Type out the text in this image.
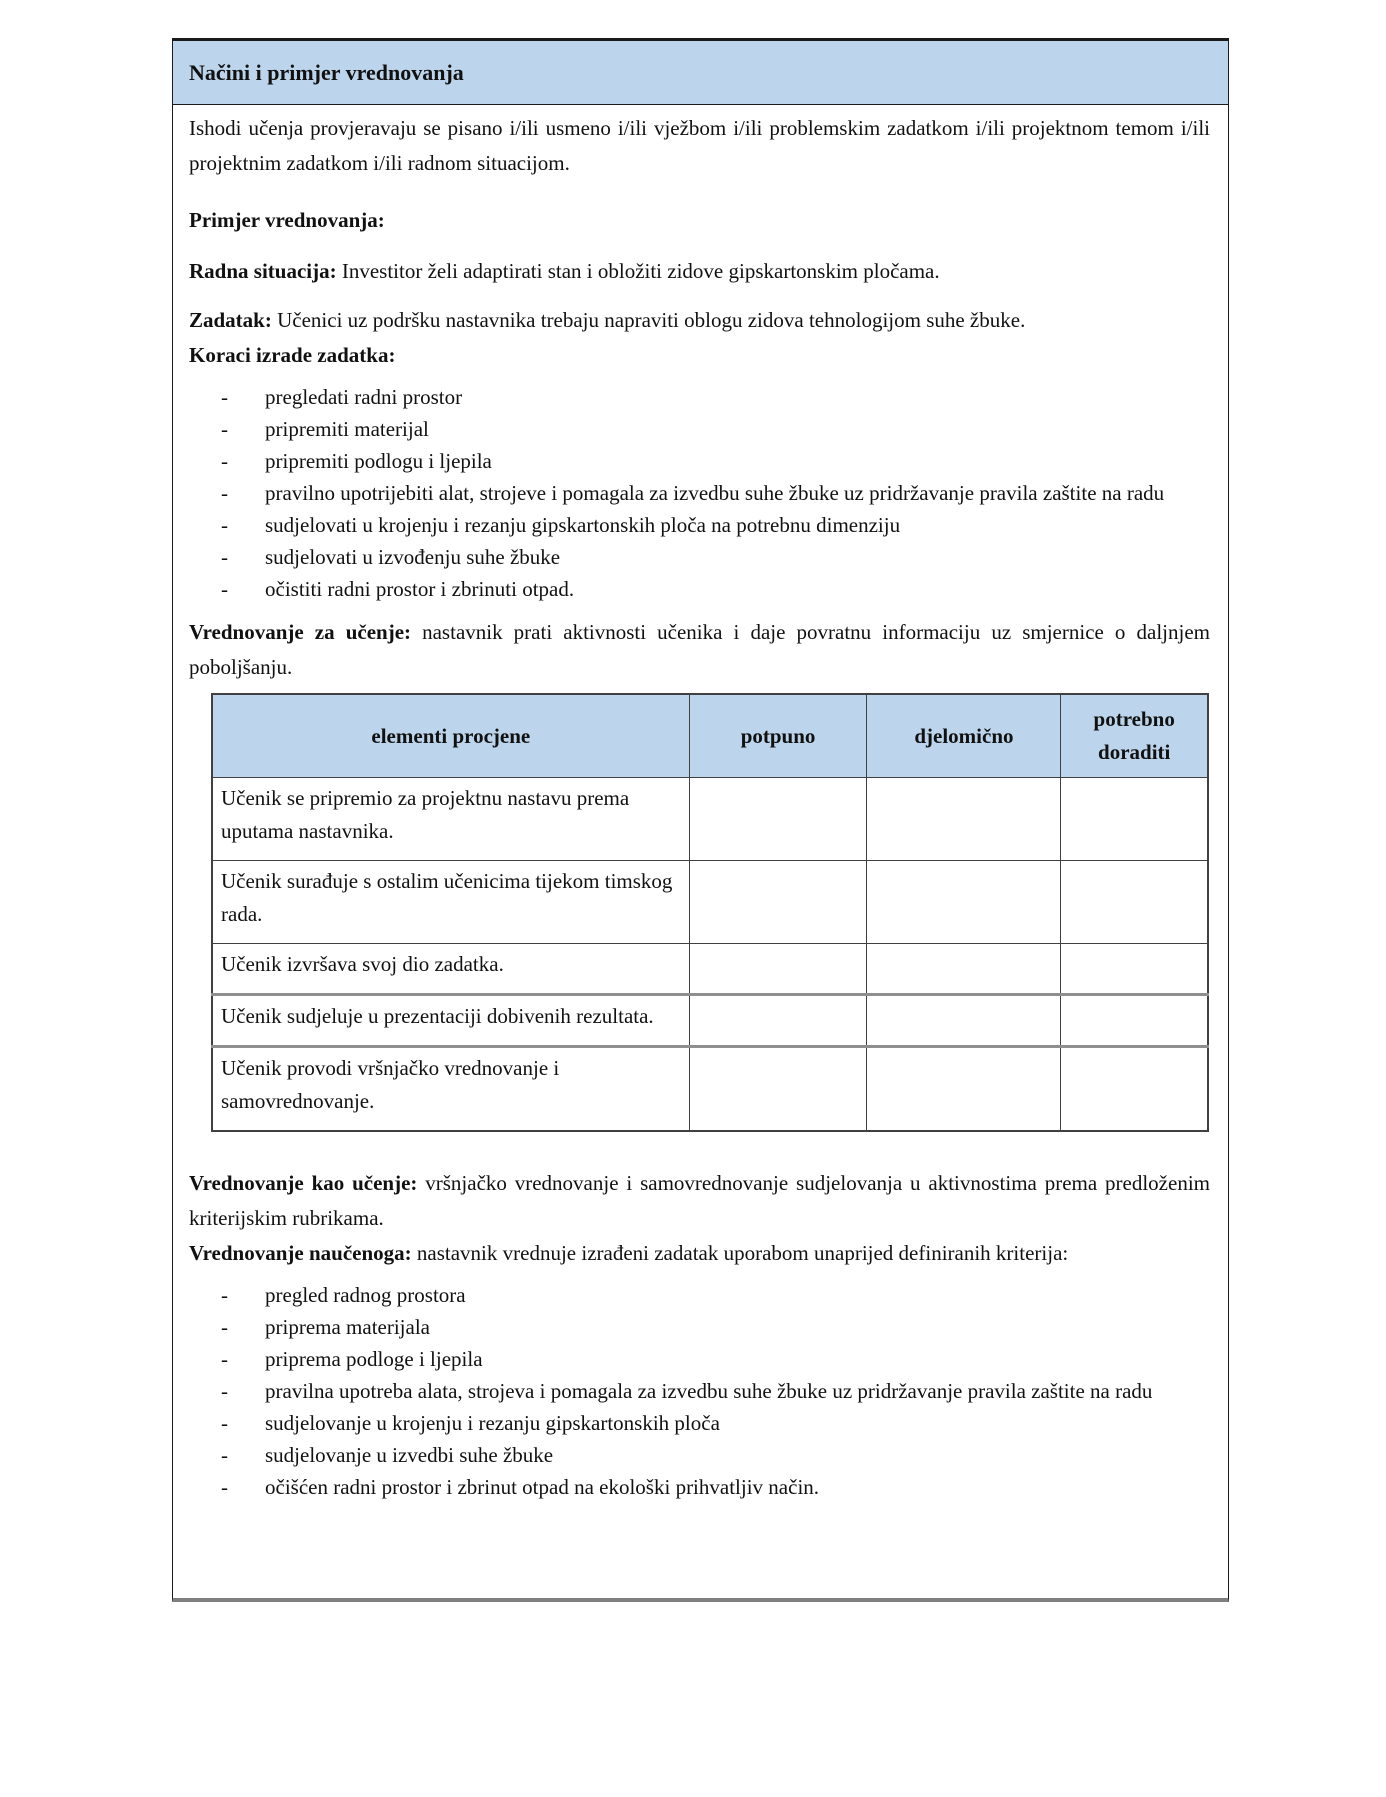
Načini i primjer vrednovanja

Ishodi učenja provjeravaju se pisano i/ili usmeno i/ili vježbom i/ili problemskim zadatkom i/ili projektnom temom i/ili projektnim zadatkom i/ili radnom situacijom.

Primjer vrednovanja:

Radna situacija: Investitor želi adaptirati stan i obložiti zidove gipskartonskim pločama.

Zadatak: Učenici uz podršku nastavnika trebaju napraviti oblogu zidova tehnologijom suhe žbuke.
Koraci izrade zadatka:
-	pregledati radni prostor
-	pripremiti materijal
-	pripremiti podlogu i ljepila
-	pravilno upotrijebiti alat, strojeve i pomagala za izvedbu suhe žbuke uz pridržavanje pravila zaštite na radu
-	sudjelovati u krojenju i rezanju gipskartonskih ploča na potrebnu dimenziju
-	sudjelovati u izvođenju suhe žbuke
-	očistiti radni prostor i zbrinuti otpad.

Vrednovanje za učenje: nastavnik prati aktivnosti učenika i daje povratnu informaciju uz smjernice o daljnjem poboljšanju.

elementi procjene	potpuno	djelomično	potrebno doraditi
Učenik se pripremio za projektnu nastavu prema uputama nastavnika.			
Učenik surađuje s ostalim učenicima tijekom timskog rada.			
Učenik izvršava svoj dio zadatka.			
Učenik sudjeluje u prezentaciji dobivenih rezultata.			
Učenik provodi vršnjačko vrednovanje i samovrednovanje.			

Vrednovanje kao učenje: vršnjačko vrednovanje i samovrednovanje sudjelovanja u aktivnostima prema predloženim kriterijskim rubrikama.

Vrednovanje naučenoga: nastavnik vrednuje izrađeni zadatak uporabom unaprijed definiranih kriterija:

-	pregled radnog prostora
-	priprema materijala
-	priprema podloge i ljepila
-	pravilna upotreba alata, strojeva i pomagala za izvedbu suhe žbuke uz pridržavanje pravila zaštite na radu
-	sudjelovanje u krojenju i rezanju gipskartonskih ploča
-	sudjelovanje u izvedbi suhe žbuke
-	očišćen radni prostor i zbrinut otpad na ekološki prihvatljiv način.
